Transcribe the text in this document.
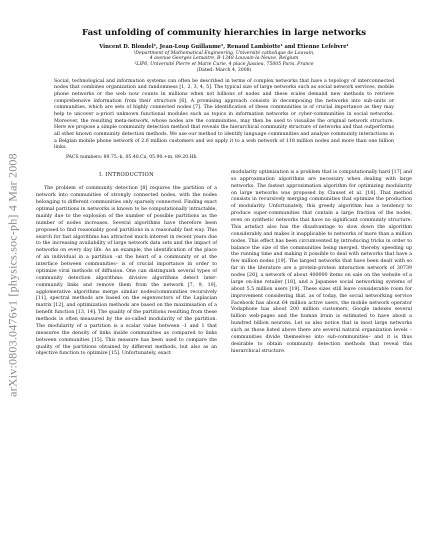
arXiv:0803.0476v1 [physics.soc-ph] 4 Mar 2008
Fast unfolding of community hierarchies in large networks
Vincent D. Blondel¹, Jean-Loup Guillaume², Renaud Lambiotte¹ and Etienne Lefebvre¹
¹Department of Mathematical Engineering, Université catholique de Louvain,
4 avenue Georges Lemaitre, B-1348 Louvain-la-Neuve, Belgium
²LIP6, Université Pierre et Marie Curie, 4 place Jussieu, 75005 Paris, France
(Dated: March 4, 2008)

Social, technological and information systems can often be described in terms of complex networks that have a topology of interconnected nodes that combines organization and randomness [1, 2, 3, 4, 5]. The typical size of large networks such as social network services, mobile phone networks or the web now counts in millions when not billions of nodes and these scales demand new methods to retrieve comprehensive information from their structure [6]. A promising approach consists in decomposing the networks into sub-units or communities, which are sets of highly connected nodes [7]. The identification of these communities is of crucial importance as they may help to uncover a-priori unknown functional modules such as topics in information networks or cyber-communities in social networks. Moreover, the resulting meta-network, whose nodes are the communities, may then be used to visualize the original network structure. Here we propose a simple community detection method that reveals the hierarchical community structure of networks and that outperforms all other known community detection methods. We use our method to identify language communities and analyse community interactions in a Belgian mobile phone network of 2.6 million customers and we apply it to a web network of 118 million nodes and more than one billion links.

PACS numbers: 89.75.-k, 05.40.Ca, 05.90.+m, 89.20.Hh
I. INTRODUCTION

The problem of community detection [8] requires the partition of a network into communities of strongly connected nodes, with the nodes belonging to different communities only sparsely connected. Finding exact optimal partitions in networks is known to be computationally intractable, mainly due to the explosion of the number of possible partitions as the number of nodes increases. Several algorithms have therefore been proposed to find reasonably good partitions in a reasonably fast way. This search for fast algorithms has attracted much interest in recent years due to the increasing availability of large network data sets and the impact of networks on every day life. As an example, the identification of the place of an individual in a partition –at the heart of a community or at the interface between communities– is of crucial importance in order to optimize viral methods of diffusion. One can distinguish several types of community detection algorithms: divisive algorithms detect inter-community links and remove them from the network [7, 9, 10], agglomerative algorithms merge similar nodes/communities recursively [11], spectral methods are based on the eigenvectors of the Laplacian matrix [12], and optimization methods are based on the maximisation of a benefit function [13, 14]. The quality of the partitions resulting from these methods is often measured by the so-called modularity of the partition. The modularity of a partition is a scalar value between -1 and 1 that measures the density of links inside communities as compared to links between communities [15]. This measure has been used to compare the quality of the partitions obtained by different methods, but also as an objective function to optimize [15]. Unfortunately, exact

modularity optimization is a problem that is computationally hard [17] and so approximation algorithms are necessary when dealing with large networks. The fastest approximation algorithm for optimizing modularity on large networks was proposed by Clauset et al. [18]. That method consists in recursively merging communities that optimize the production of modularity. Unfortunately, this greedy algorithm has a tendency to produce super-communities that contain a large fraction of the nodes, even on synthetic networks that have no significant community structure. This artefact also has the disadvantage to slow down the algorithm considerably and makes it inapplicable to networks of more than a million nodes. This effect has been circumvented by introducing tricks in order to balance the size of the communities being merged, thereby speeding up the running time and making it possible to deal with networks that have a few million nodes [19]. The largest networks that have been dealt with so far in the literature are a protein-protein interaction network of 30739 nodes [20], a network of about 400000 items on sale on the website of a large on-line retailer [18], and a Japanese social networking systems of about 5.5 million users [19]. These sizes still leave considerable room for improvement considering that, as of today, the social networking service Facebook has about 64 million active users, the mobile network operator Vodaphone has about 200 million customers, Google indexes several billion web-pages and the human brain is estimated to have about a hundred billion neurons. Let us also notice that in most large networks such as those listed above there are several natural organization levels –communities divide themselves into sub-communities– and it is thus desirable to obtain community detection methods that reveal this hierarchical structure.
